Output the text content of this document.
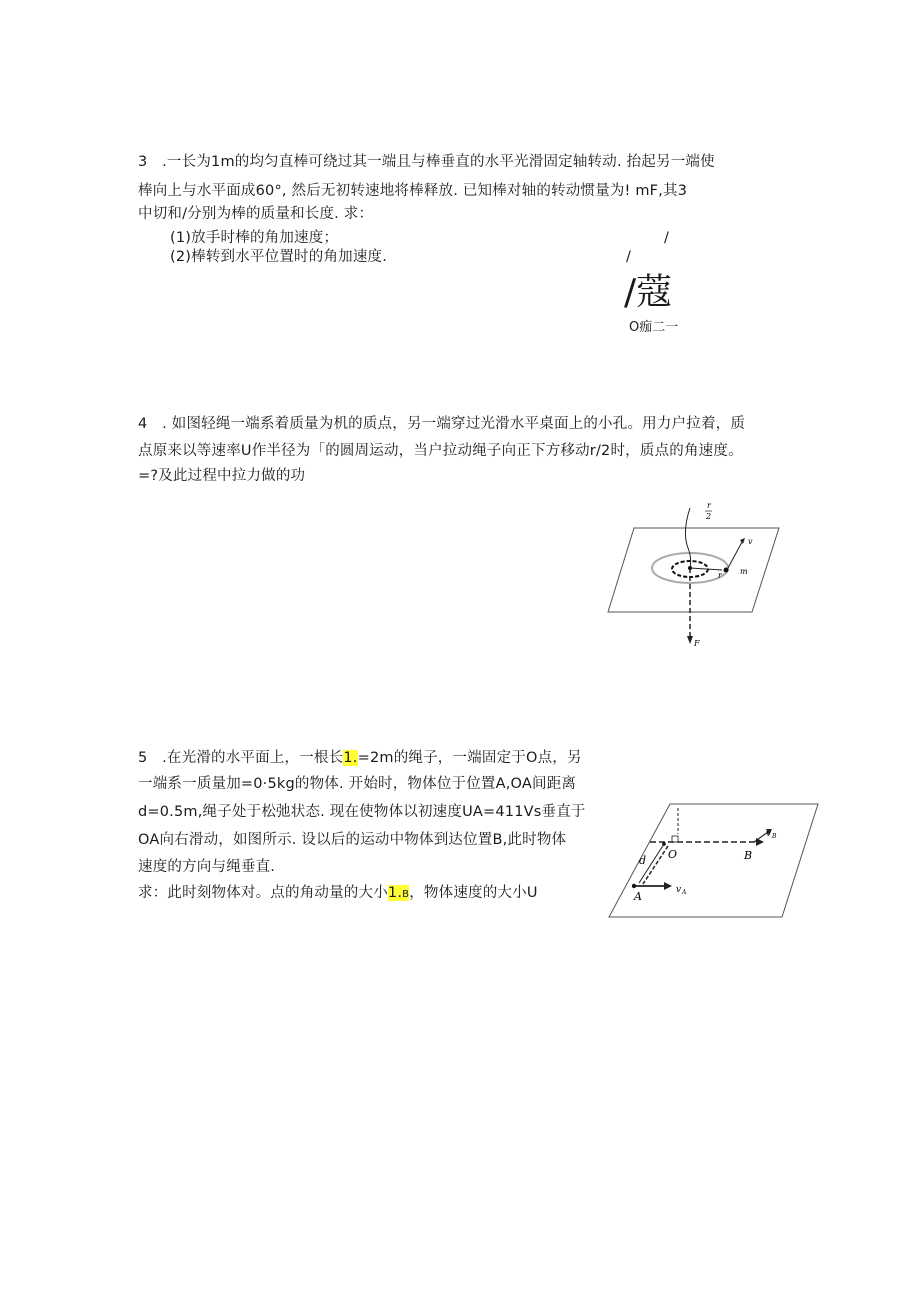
3　.一长为1m的均匀直棒可绕过其一端且与棒垂直的水平光滑固定轴转动. 抬起另一端使
棒向上与水平面成60°, 然后无初转速地将棒释放. 已知棒对轴的转动惯量为! mF,其3
中切和/分别为棒的质量和长度. 求：
(1)放手时棒的角加速度；
(2)棒转到水平位置时的角加速度.
/
/
/蔻
O痂二一
4　. 如图轻绳一端系着质量为机的质点，另一端穿过光滑水平桌面上的小孔。用力户拉着，质
点原来以等速率U作半径为「的圆周运动，当户拉动绳子向正下方移动r/2时，质点的角速度。
=?及此过程中拉力做的功
r
2
v
m
r
F
5　.在光滑的水平面上，一根长1.=2m的绳子，一端固定于O点，另
一端系一质量加=0·5kg的物体. 开始时，物体位于位置A,OA间距离
d=0.5m,绳子处于松弛状态. 现在使物体以初速度UA=411Vs垂直于
OA向右滑动，如图所示. 设以后的运动中物体到达位置B,此时物体
速度的方向与绳垂直.
求：此时刻物体对。点的角动量的大小1.B，物体速度的大小U
v B
O	B
d
A	v A
